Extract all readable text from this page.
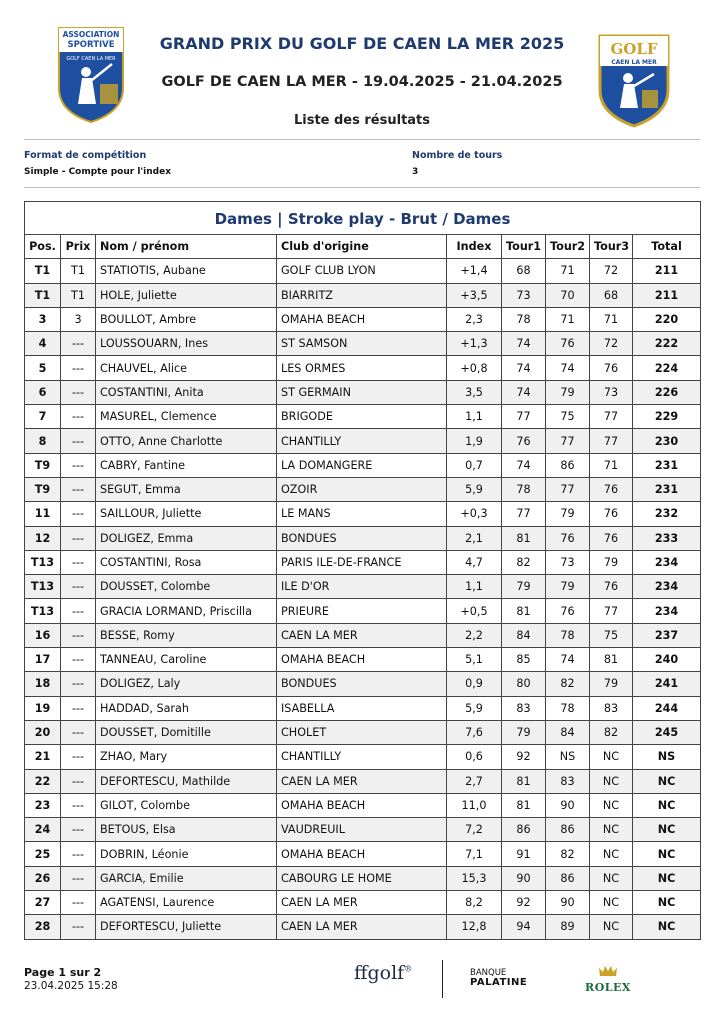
ASSOCIATION
SPORTIVE
GOLF CAEN LA MER
GRAND PRIX DU GOLF DE CAEN LA MER 2025
GOLF DE CAEN LA MER - 19.04.2025 - 21.04.2025
Liste des résultats
GOLF
CAEN LA MER
Format de compétition
Simple - Compte pour l'index
Nombre de tours
3
Dames | Stroke play - Brut / Dames
Pos.	Prix	Nom / prénom	Club d'origine	Index	Tour1	Tour2	Tour3	Total
T1	T1	STATIOTIS, Aubane	GOLF CLUB LYON	+1,4	68	71	72	211
T1	T1	HOLE, Juliette	BIARRITZ	+3,5	73	70	68	211
3	3	BOULLOT, Ambre	OMAHA BEACH	2,3	78	71	71	220
4	---	LOUSSOUARN, Ines	ST SAMSON	+1,3	74	76	72	222
5	---	CHAUVEL, Alice	LES ORMES	+0,8	74	74	76	224
6	---	COSTANTINI, Anita	ST GERMAIN	3,5	74	79	73	226
7	---	MASUREL, Clemence	BRIGODE	1,1	77	75	77	229
8	---	OTTO, Anne Charlotte	CHANTILLY	1,9	76	77	77	230
T9	---	CABRY, Fantine	LA DOMANGERE	0,7	74	86	71	231
T9	---	SEGUT, Emma	OZOIR	5,9	78	77	76	231
11	---	SAILLOUR, Juliette	LE MANS	+0,3	77	79	76	232
12	---	DOLIGEZ, Emma	BONDUES	2,1	81	76	76	233
T13	---	COSTANTINI, Rosa	PARIS ILE-DE-FRANCE	4,7	82	73	79	234
T13	---	DOUSSET, Colombe	ILE D'OR	1,1	79	79	76	234
T13	---	GRACIA LORMAND, Priscilla	PRIEURE	+0,5	81	76	77	234
16	---	BESSE, Romy	CAEN LA MER	2,2	84	78	75	237
17	---	TANNEAU, Caroline	OMAHA BEACH	5,1	85	74	81	240
18	---	DOLIGEZ, Laly	BONDUES	0,9	80	82	79	241
19	---	HADDAD, Sarah	ISABELLA	5,9	83	78	83	244
20	---	DOUSSET, Domitille	CHOLET	7,6	79	84	82	245
21	---	ZHAO, Mary	CHANTILLY	0,6	92	NS	NC	NS
22	---	DEFORTESCU, Mathilde	CAEN LA MER	2,7	81	83	NC	NC
23	---	GILOT, Colombe	OMAHA BEACH	11,0	81	90	NC	NC
24	---	BETOUS, Elsa	VAUDREUIL	7,2	86	86	NC	NC
25	---	DOBRIN, Léonie	OMAHA BEACH	7,1	91	82	NC	NC
26	---	GARCIA, Emilie	CABOURG LE HOME	15,3	90	86	NC	NC
27	---	AGATENSI, Laurence	CAEN LA MER	8,2	92	90	NC	NC
28	---	DEFORTESCU, Juliette	CAEN LA MER	12,8	94	89	NC	NC
Page 1 sur 2
23.04.2025 15:28
ffgolf®	BANQUE
PALATINE	ROLEX
